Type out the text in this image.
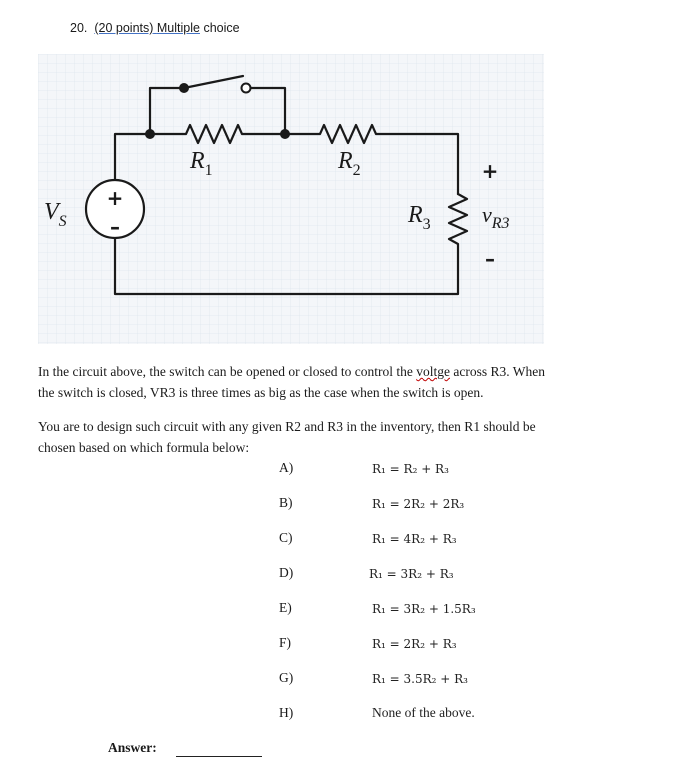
20. (20 points) Multiple choice
+
–
$V_S$
$R_1$	$R_2$
$R_3$
+
$v_{R3}$
–
In the circuit above, the switch can be opened or closed to control the voltge across R3. When
the switch is closed, VR3 is three times as big as the case when the switch is open.
You are to design such circuit with any given R2 and R3 in the inventory, then R1 should be
chosen based on which formula below:
A)	R₁ = R₂ + R₃
B)	R₁ = 2R₂ + 2R₃
C)	R₁ = 4R₂ + R₃
D)	R₁ = 3R₂ + R₃
E)	R₁ = 3R₂ + 1.5R₃
F)	R₁ = 2R₂ + R₃
G)	R₁ = 3.5R₂ + R₃
H)	None of the above.
Answer:
